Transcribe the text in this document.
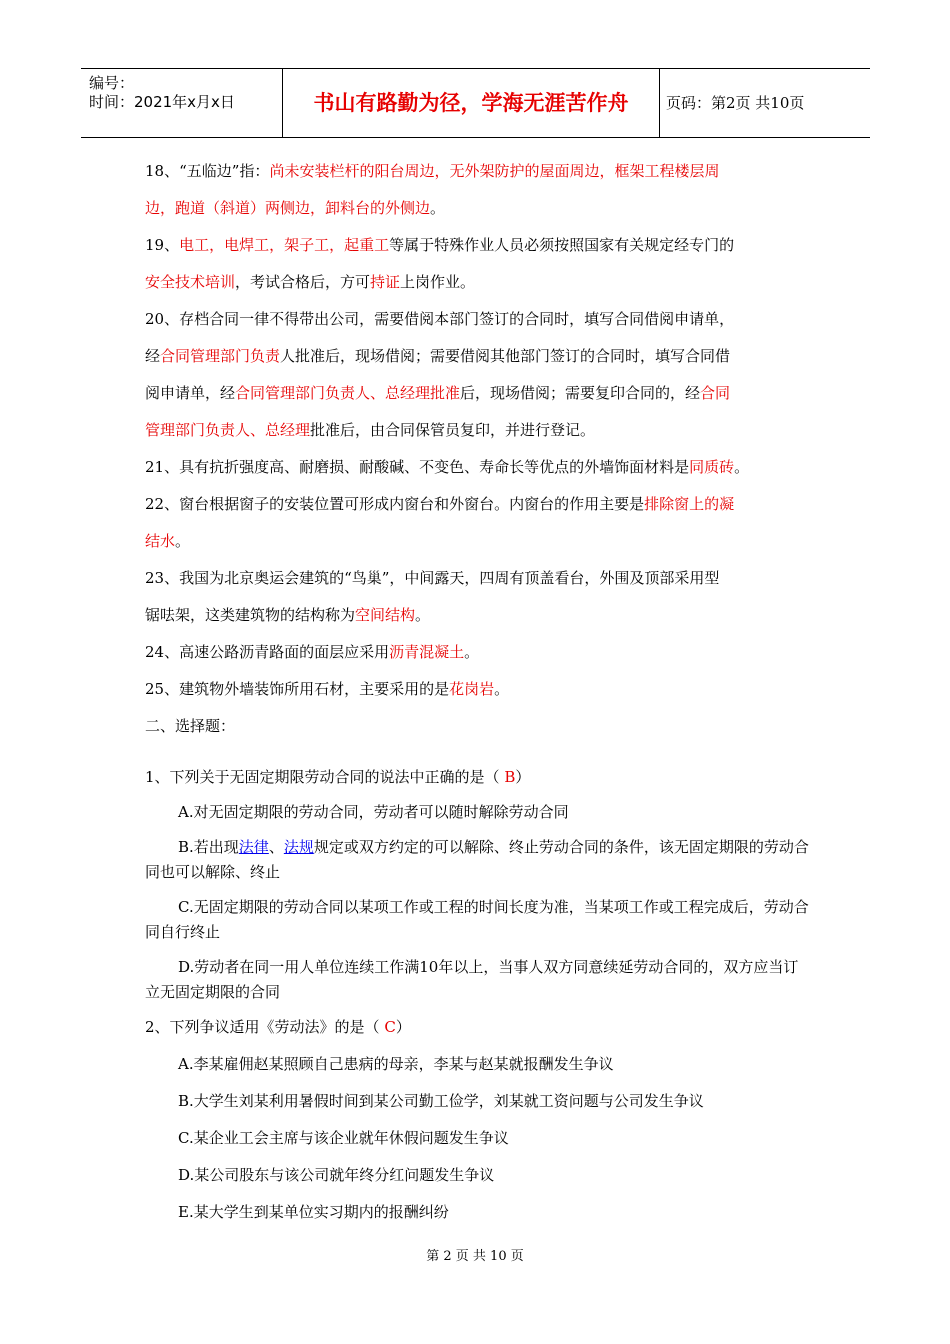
编号：
时间：2021年x月x日	书山有路勤为径，学海无涯苦作舟	页码：第2页 共10页

18、“五临边”指：尚未安装栏杆的阳台周边，无外架防护的屋面周边，框架工程楼层周
边，跑道（斜道）两侧边，卸料台的外侧边。

19、电工，电焊工，架子工，起重工等属于特殊作业人员必须按照国家有关规定经专门的
安全技术培训，考试合格后，方可持证上岗作业。

20、存档合同一律不得带出公司，需要借阅本部门签订的合同时，填写合同借阅申请单，
经合同管理部门负责人批准后，现场借阅；需要借阅其他部门签订的合同时，填写合同借
阅申请单，经合同管理部门负责人、总经理批准后，现场借阅；需要复印合同的，经合同
管理部门负责人、总经理批准后，由合同保管员复印，并进行登记。

21、具有抗折强度高、耐磨损、耐酸碱、不变色、寿命长等优点的外墙饰面材料是同质砖。

22、窗台根据窗子的安装位置可形成内窗台和外窗台。内窗台的作用主要是排除窗上的凝
结水。

23、我国为北京奥运会建筑的“鸟巢”，中间露天，四周有顶盖看台，外围及顶部采用型
锯呿架，这类建筑物的结构称为空间结构。

24、高速公路沥青路面的面层应采用沥青混凝土。

25、建筑物外墙装饰所用石材，主要采用的是花岗岩。

二、选择题：

1、下列关于无固定期限劳动合同的说法中正确的是（ B）

A.对无固定期限的劳动合同，劳动者可以随时解除劳动合同

B.若出现法律、法规规定或双方约定的可以解除、终止劳动合同的条件，该无固定期限的劳动合同也可以解除、终止

C.无固定期限的劳动合同以某项工作或工程的时间长度为准，当某项工作或工程完成后，劳动合同自行终止

D.劳动者在同一用人单位连续工作满10年以上，当事人双方同意续延劳动合同的，双方应当订立无固定期限的合同

2、下列争议适用《劳动法》的是（ C）

A.李某雇佣赵某照顾自己患病的母亲，李某与赵某就报酬发生争议

B.大学生刘某利用暑假时间到某公司勤工俭学，刘某就工资问题与公司发生争议

C.某企业工会主席与该企业就年休假问题发生争议

D.某公司股东与该公司就年终分红问题发生争议

E.某大学生到某单位实习期内的报酬纠纷

第 2 页 共 10 页
